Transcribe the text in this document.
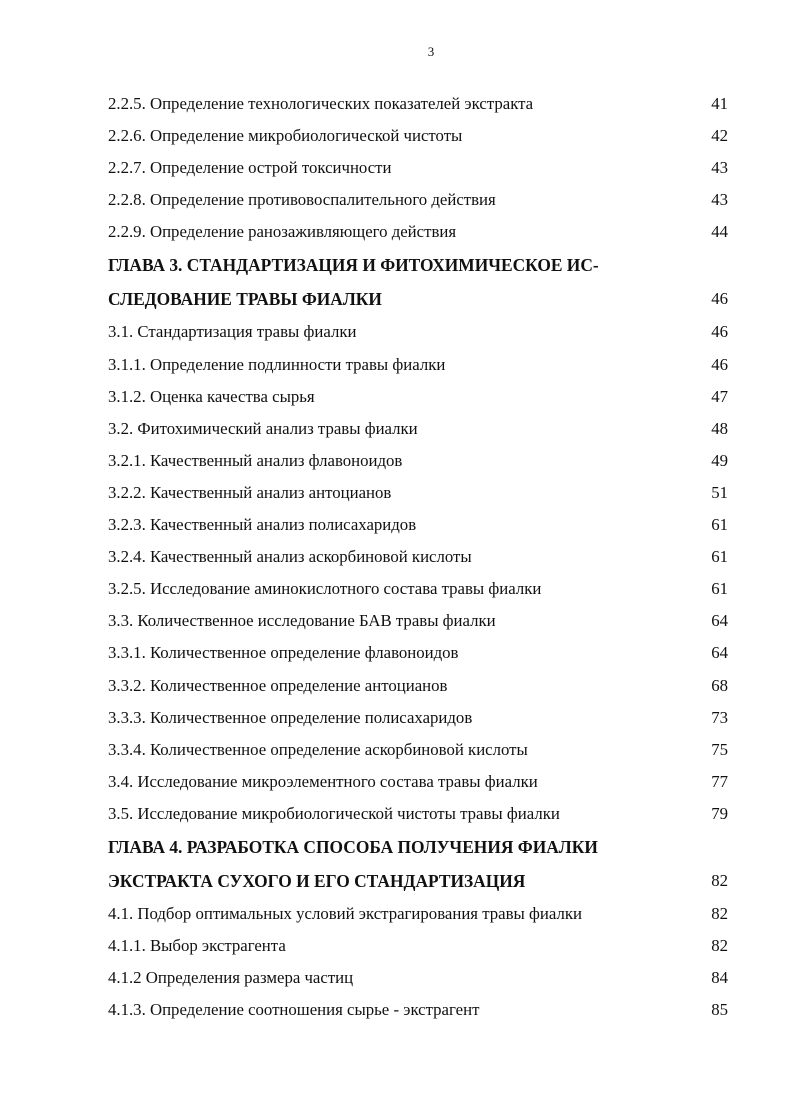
3
2.2.5. Определение технологических показателей экстракта	41
2.2.6. Определение микробиологической чистоты	42
2.2.7. Определение острой токсичности	43
2.2.8. Определение противовоспалительного действия	43
2.2.9. Определение ранозаживляющего действия	44
ГЛАВА 3. СТАНДАРТИЗАЦИЯ И ФИТОХИМИЧЕСКОЕ ИС-СЛЕДОВАНИЕ ТРАВЫ ФИАЛКИ	46
3.1. Стандартизация травы фиалки	46
3.1.1. Определение подлинности травы фиалки	46
3.1.2. Оценка качества сырья	47
3.2. Фитохимический анализ травы фиалки	48
3.2.1. Качественный анализ флавоноидов	49
3.2.2. Качественный анализ антоцианов	51
3.2.3. Качественный анализ полисахаридов	61
3.2.4. Качественный анализ аскорбиновой кислоты	61
3.2.5. Исследование аминокислотного состава травы фиалки	61
3.3. Количественное исследование БАВ травы фиалки	64
3.3.1. Количественное определение флавоноидов	64
3.3.2. Количественное определение антоцианов	68
3.3.3. Количественное определение полисахаридов	73
3.3.4. Количественное определение аскорбиновой кислоты	75
3.4. Исследование микроэлементного состава травы фиалки	77
3.5. Исследование микробиологической чистоты травы фиалки	79
ГЛАВА 4. РАЗРАБОТКА СПОСОБА ПОЛУЧЕНИЯ ФИАЛКИ ЭКСТРАКТА СУХОГО И ЕГО СТАНДАРТИЗАЦИЯ	82
4.1. Подбор оптимальных условий экстрагирования травы фиалки	82
4.1.1. Выбор экстрагента	82
4.1.2 Определения размера частиц	84
4.1.3. Определение соотношения сырье - экстрагент	85
